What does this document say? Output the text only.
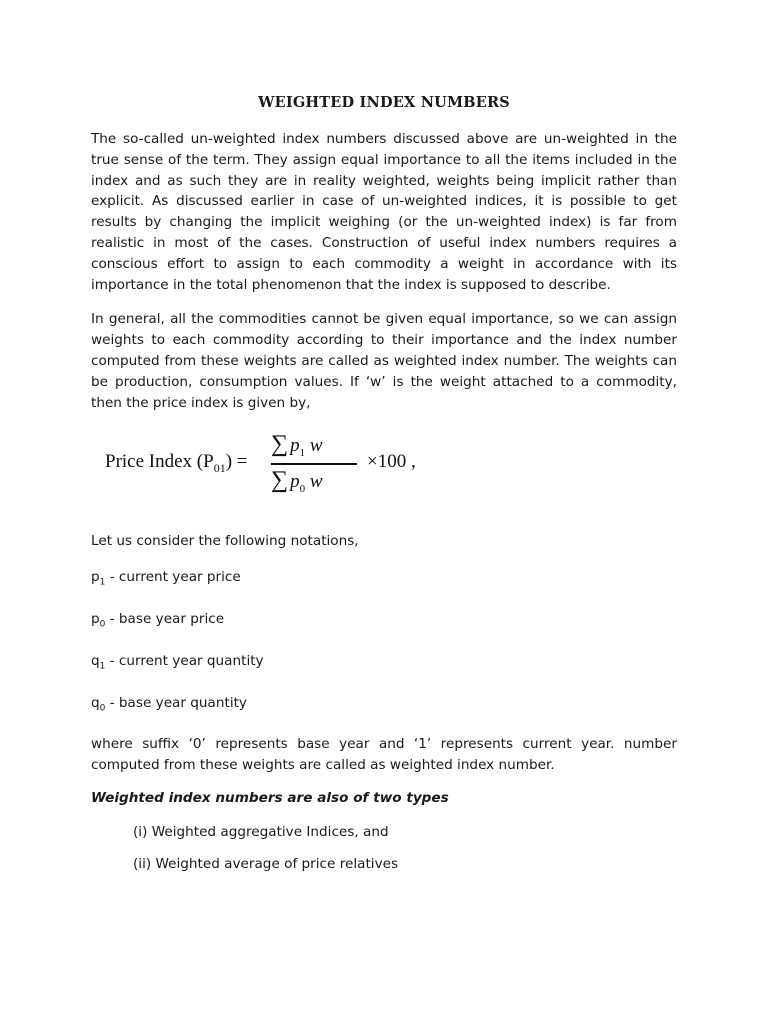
WEIGHTED INDEX NUMBERS

The so-called un-weighted index numbers discussed above are un-weighted in the true sense of the term. They assign equal importance to all the items included in the index and as such they are in reality weighted, weights being implicit rather than explicit. As discussed earlier in case of un-weighted indices, it is possible to get results by changing the implicit weighing (or the un-weighted index) is far from realistic in most of the cases. Construction of useful index numbers requires a conscious effort to assign to each commodity a weight in accordance with its importance in the total phenomenon that the index is supposed to describe.

In general, all the commodities cannot be given equal importance, so we can assign weights to each commodity according to their importance and the index number computed from these weights are called as weighted index number. The weights can be production, consumption values. If ‘w’ is the weight attached to a commodity, then the price index is given by,

Price Index $(P_{01})$ =
∑ $p_1$ w
∑ $p_0$ w
×100 ,

Let us consider the following notations,

$p_1$ - current year price

$p_0$ - base year price

$q_1$ - current year quantity

$q_0$ - base year quantity

where suffix ‘0’ represents base year and ‘1’ represents current year. number computed from these weights are called as weighted index number.

Weighted index numbers are also of two types

(i) Weighted aggregative Indices, and

(ii) Weighted average of price relatives
